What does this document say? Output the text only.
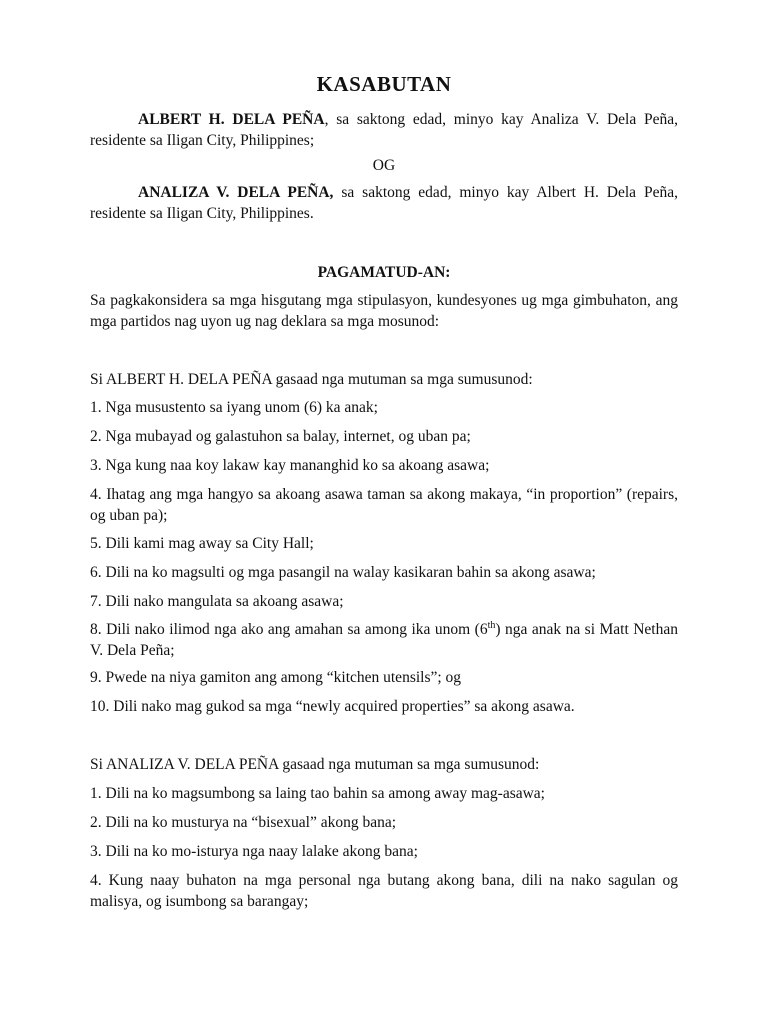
KASABUTAN
ALBERT H. DELA PEÑA, sa saktong edad, minyo kay Analiza V. Dela Peña, residente sa Iligan City, Philippines;
OG
ANALIZA V. DELA PEÑA, sa saktong edad, minyo kay Albert H. Dela Peña, residente sa Iligan City, Philippines.
PAGAMATUD-AN:
Sa pagkakonsidera sa mga hisgutang mga stipulasyon, kundesyones ug mga gimbuhaton, ang mga partidos nag uyon ug nag deklara sa mga mosunod:
Si ALBERT H. DELA PEÑA gasaad nga mutuman sa mga sumusunod:
1. Nga musustento sa iyang unom (6) ka anak;
2. Nga mubayad og galastuhon sa balay, internet, og uban pa;
3. Nga kung naa koy lakaw kay mananghid ko sa akoang asawa;
4. Ihatag ang mga hangyo sa akoang asawa taman sa akong makaya, “in proportion” (repairs, og uban pa);
5. Dili kami mag away sa City Hall;
6. Dili na ko magsulti og mga pasangil na walay kasikaran bahin sa akong asawa;
7. Dili nako mangulata sa akoang asawa;
8. Dili nako ilimod nga ako ang amahan sa among ika unom (6th) nga anak na si Matt Nethan V. Dela Peña;
9. Pwede na niya gamiton ang among “kitchen utensils”; og
10. Dili nako mag gukod sa mga “newly acquired properties” sa akong asawa.
Si ANALIZA V. DELA PEÑA gasaad nga mutuman sa mga sumusunod:
1. Dili na ko magsumbong sa laing tao bahin sa among away mag-asawa;
2. Dili na ko musturya na “bisexual” akong bana;
3. Dili na ko mo-isturya nga naay lalake akong bana;
4. Kung naay buhaton na mga personal nga butang akong bana, dili na nako sagulan og malisya, og isumbong sa barangay;
